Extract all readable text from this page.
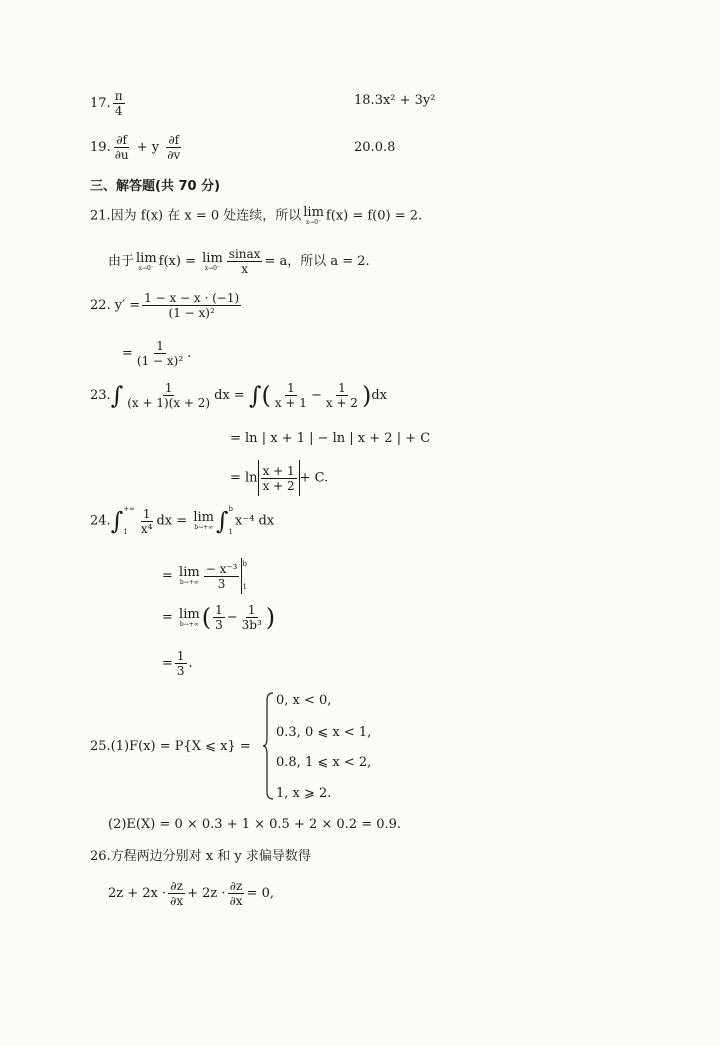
17. $\frac{\pi}{4}$	18.3x² + 3y²
19. $\frac{\partial f}{\partial u} + y \frac{\partial f}{\partial v}$	20.0.8
三、解答题(共 70 分)
21.因为 f(x) 在 x = 0 处连续，所以 lim
x→0⁻ f(x) = f(0) = 2.
由于 lim
x→0⁻ f(x) = lim
$x\to 0^- \frac{\text{sinax}}{x} = a$，所以 a = 2.
22. $y' = \frac{1 - x - x \cdot (-1)}{\text{(1 − x)²}}$
= $\frac{1}{\text{(1 − x)²}}$ .
$23.\int \frac{1}{(x + 1)(x + 2)}$ dx = ∫( $\frac{1}{x + 1} - \frac{1}{x + 2} )dx$
= ln | x + 1 | − ln | x + 2 | + C
= $\ln \frac{x + 1}{x + 2} + C$.
24.∫ +∞
$1 \frac{1}{\text{x⁴}}$ dx = lim
b→+∞ ∫ b
1
x⁻⁴ dx
= lim
$b\to+\infty \frac{\text{− x⁻³}}{3}$ b
1
= lim
b→+∞ ( $\frac{1}{3} - \frac{1}{\text{3b³}}$ )
= $\frac{1}{3}$ .
25.(1)F(x) = P{X ⩽ x} =
0, x < 0,
0.3, 0 ⩽ x < 1,
0.8, 1 ⩽ x < 2,
1, x ⩾ 2.
(2)E(X) = 0 × 0.3 + 1 × 0.5 + 2 × 0.2 = 0.9.
26.方程两边分别对 x 和 y 求偏导数得
$2z + 2x \cdot \frac{\partial z}{\partial x} + 2z \cdot \frac{\partial z}{\partial x} = 0$,
